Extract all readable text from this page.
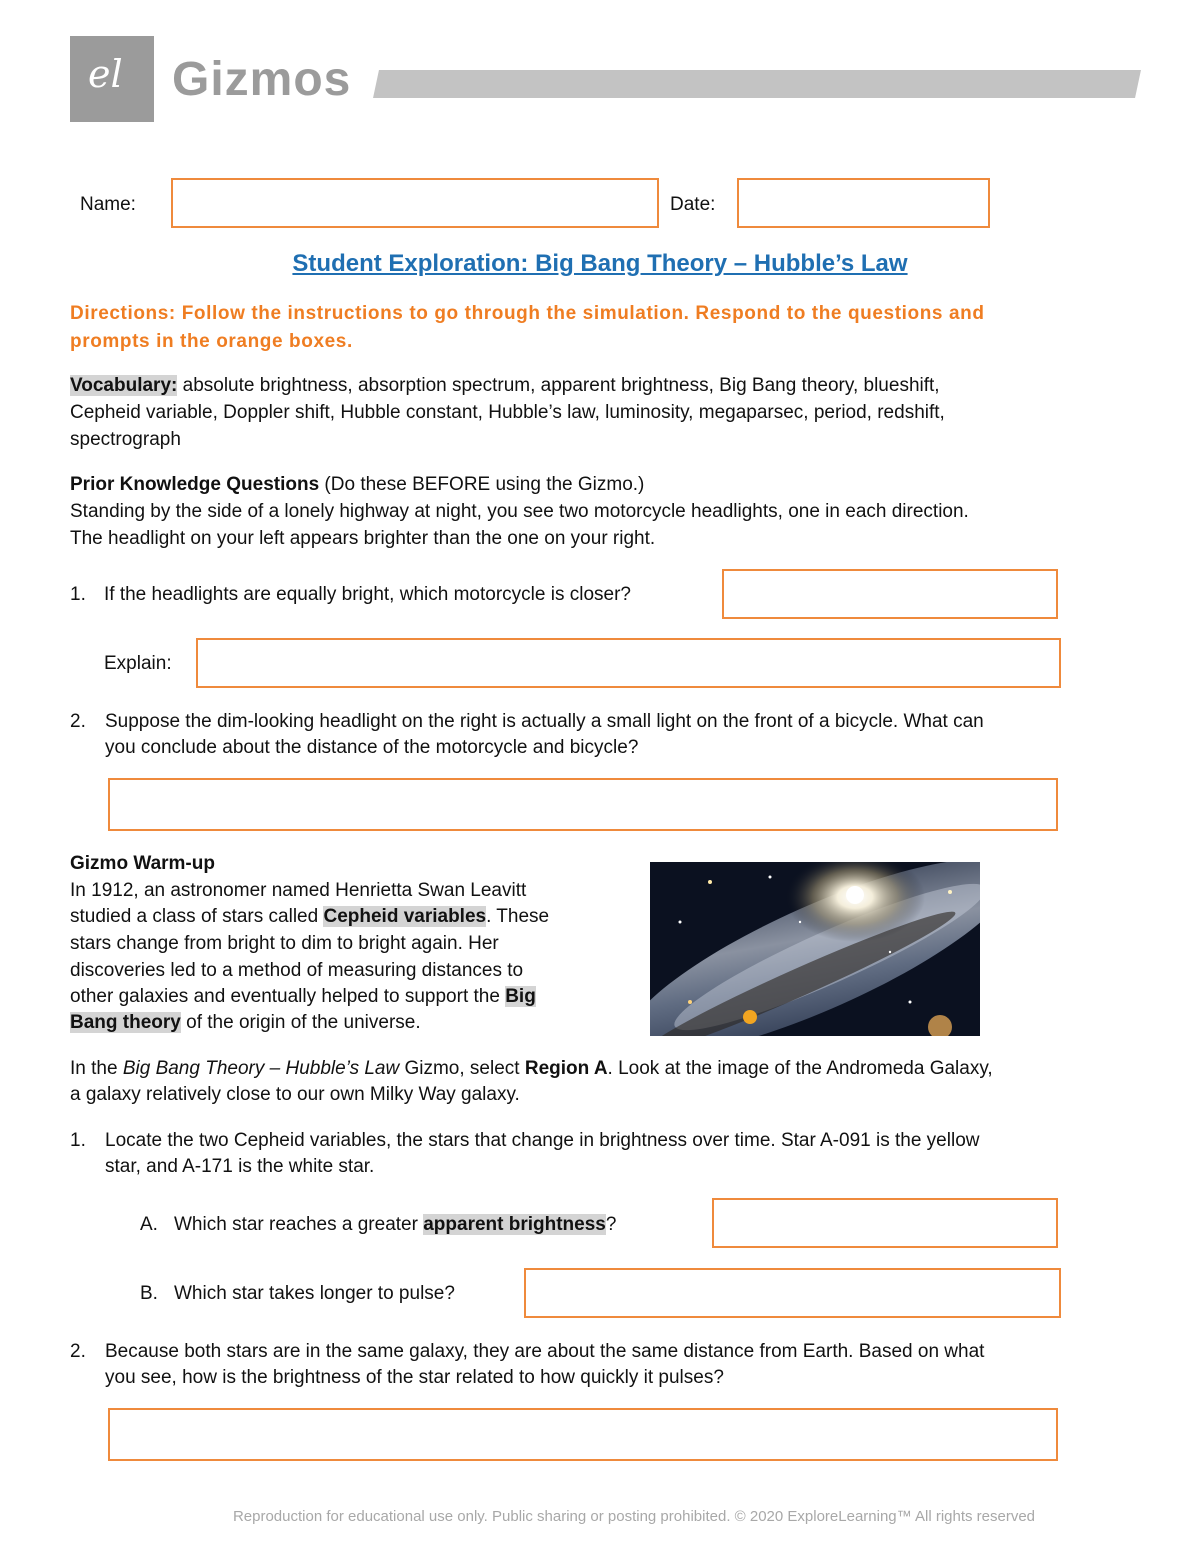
el Gizmos
Name:	Date:
Student Exploration: Big Bang Theory – Hubble’s Law
Directions: Follow the instructions to go through the simulation. Respond to the questions and
prompts in the orange boxes.
Vocabulary: absolute brightness, absorption spectrum, apparent brightness, Big Bang theory, blueshift,
Cepheid variable, Doppler shift, Hubble constant, Hubble’s law, luminosity, megaparsec, period, redshift,
spectrograph
Prior Knowledge Questions (Do these BEFORE using the Gizmo.)
Standing by the side of a lonely highway at night, you see two motorcycle headlights, one in each direction.
The headlight on your left appears brighter than the one on your right.
1. If the headlights are equally bright, which motorcycle is closer?
Explain:
2. Suppose the dim-looking headlight on the right is actually a small light on the front of a bicycle. What can
you conclude about the distance of the motorcycle and bicycle?
Gizmo Warm-up
In 1912, an astronomer named Henrietta Swan Leavitt
studied a class of stars called Cepheid variables. These
stars change from bright to dim to bright again. Her
discoveries led to a method of measuring distances to
other galaxies and eventually helped to support the Big
Bang theory of the origin of the universe.
In the Big Bang Theory – Hubble’s Law Gizmo, select Region A. Look at the image of the Andromeda Galaxy,
a galaxy relatively close to our own Milky Way galaxy.
1. Locate the two Cepheid variables, the stars that change in brightness over time. Star A-091 is the yellow
star, and A-171 is the white star.
A. Which star reaches a greater apparent brightness?
B. Which star takes longer to pulse?
2. Because both stars are in the same galaxy, they are about the same distance from Earth. Based on what
you see, how is the brightness of the star related to how quickly it pulses?
Reproduction for educational use only. Public sharing or posting prohibited. © 2020 ExploreLearning™ All rights reserved
